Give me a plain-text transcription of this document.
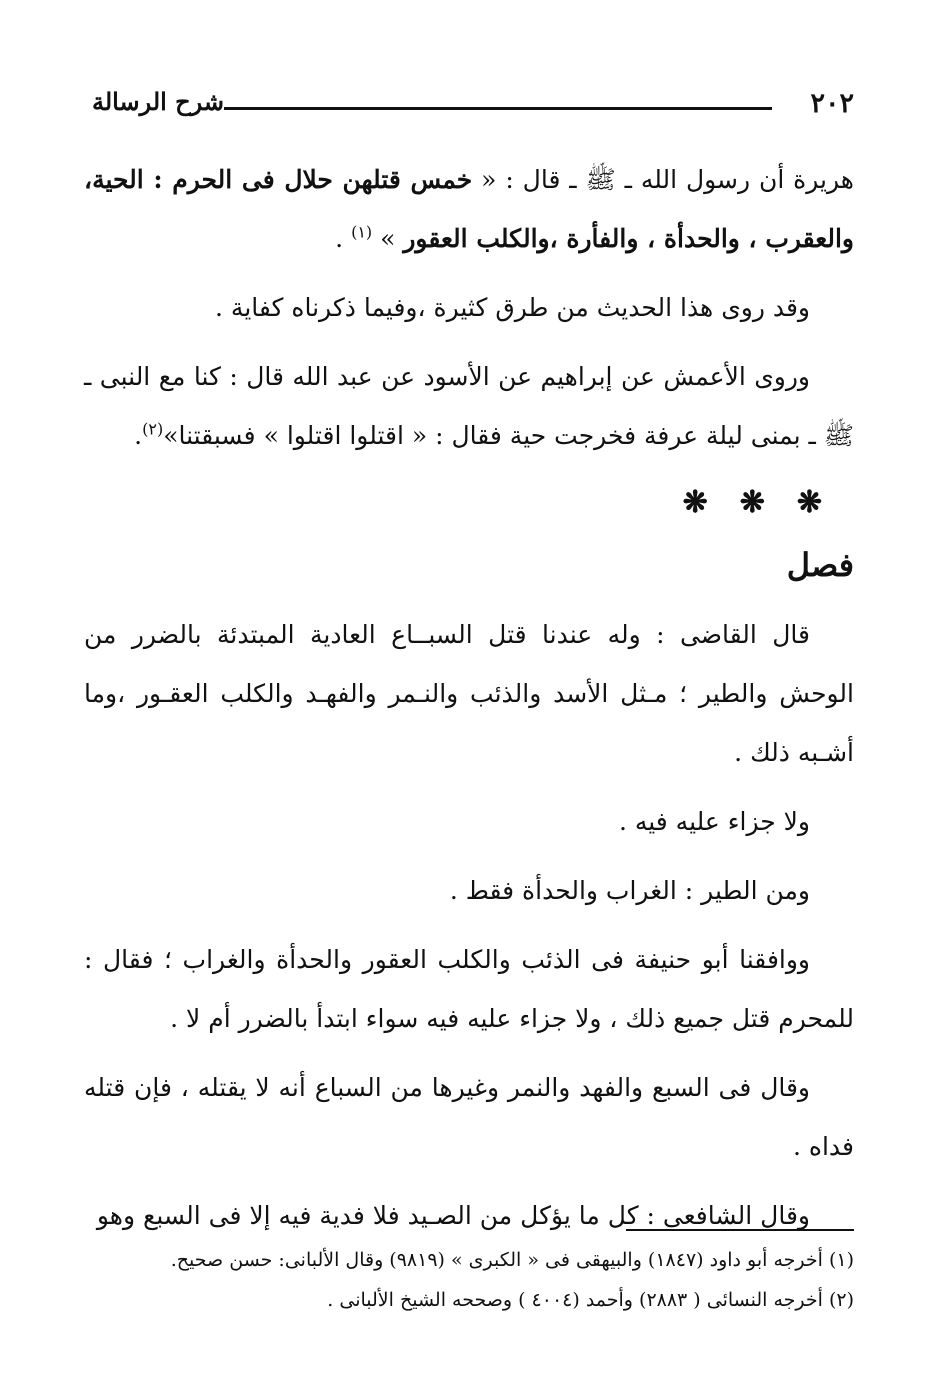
٢٠٢
شرح الرسالة

هريرة أن رسول الله ـ ﷺ ـ قال : « خمس قتلهن حلال فى الحرم : الحية، والعقرب ، والحدأة ، والفأرة ،والكلب العقور » $^{(١)}$ .

وقد روى هذا الحديث من طرق كثيرة ،وفيما ذكرناه كفاية .

وروى الأعمش عن إبراهيم عن الأسود عن عبد الله قال : كنا مع النبى ـ ﷺ ـ بمنى ليلة عرفة فخرجت حية فقال : « اقتلوا اقتلوا » فسبقتنا»$^{(٢)}$.

❋❋❋

فصل

قال القاضى : وله عندنا قتل السبــاع العادية المبتدئة بالضرر من الوحش والطير ؛ مـثل الأسد والذئب والنـمر والفهـد والكلب العقـور ،وما أشـبه ذلك .

ولا جزاء عليه فيه .

ومن الطير : الغراب والحدأة فقط .

ووافقنا أبو حنيفة فى الذئب والكلب العقور والحدأة والغراب ؛ فقال : للمحرم قتل جميع ذلك ، ولا جزاء عليه فيه سواء ابتدأ بالضرر أم لا .

وقال فى السبع والفهد والنمر وغيرها من السباع أنه لا يقتله ، فإن قتله فداه .

وقال الشافعى : كل ما يؤكل من الصـيد فلا فدية فيه إلا فى السبع وهو

(١) أخرجه أبو داود (١٨٤٧) والبيهقى فى « الكبرى » (٩٨١٩) وقال الألبانى: حسن صحيح.

(٢) أخرجه النسائى ( ٢٨٨٣) وأحمد (٤٠٠٤ ) وصححه الشيخ الألبانى .
